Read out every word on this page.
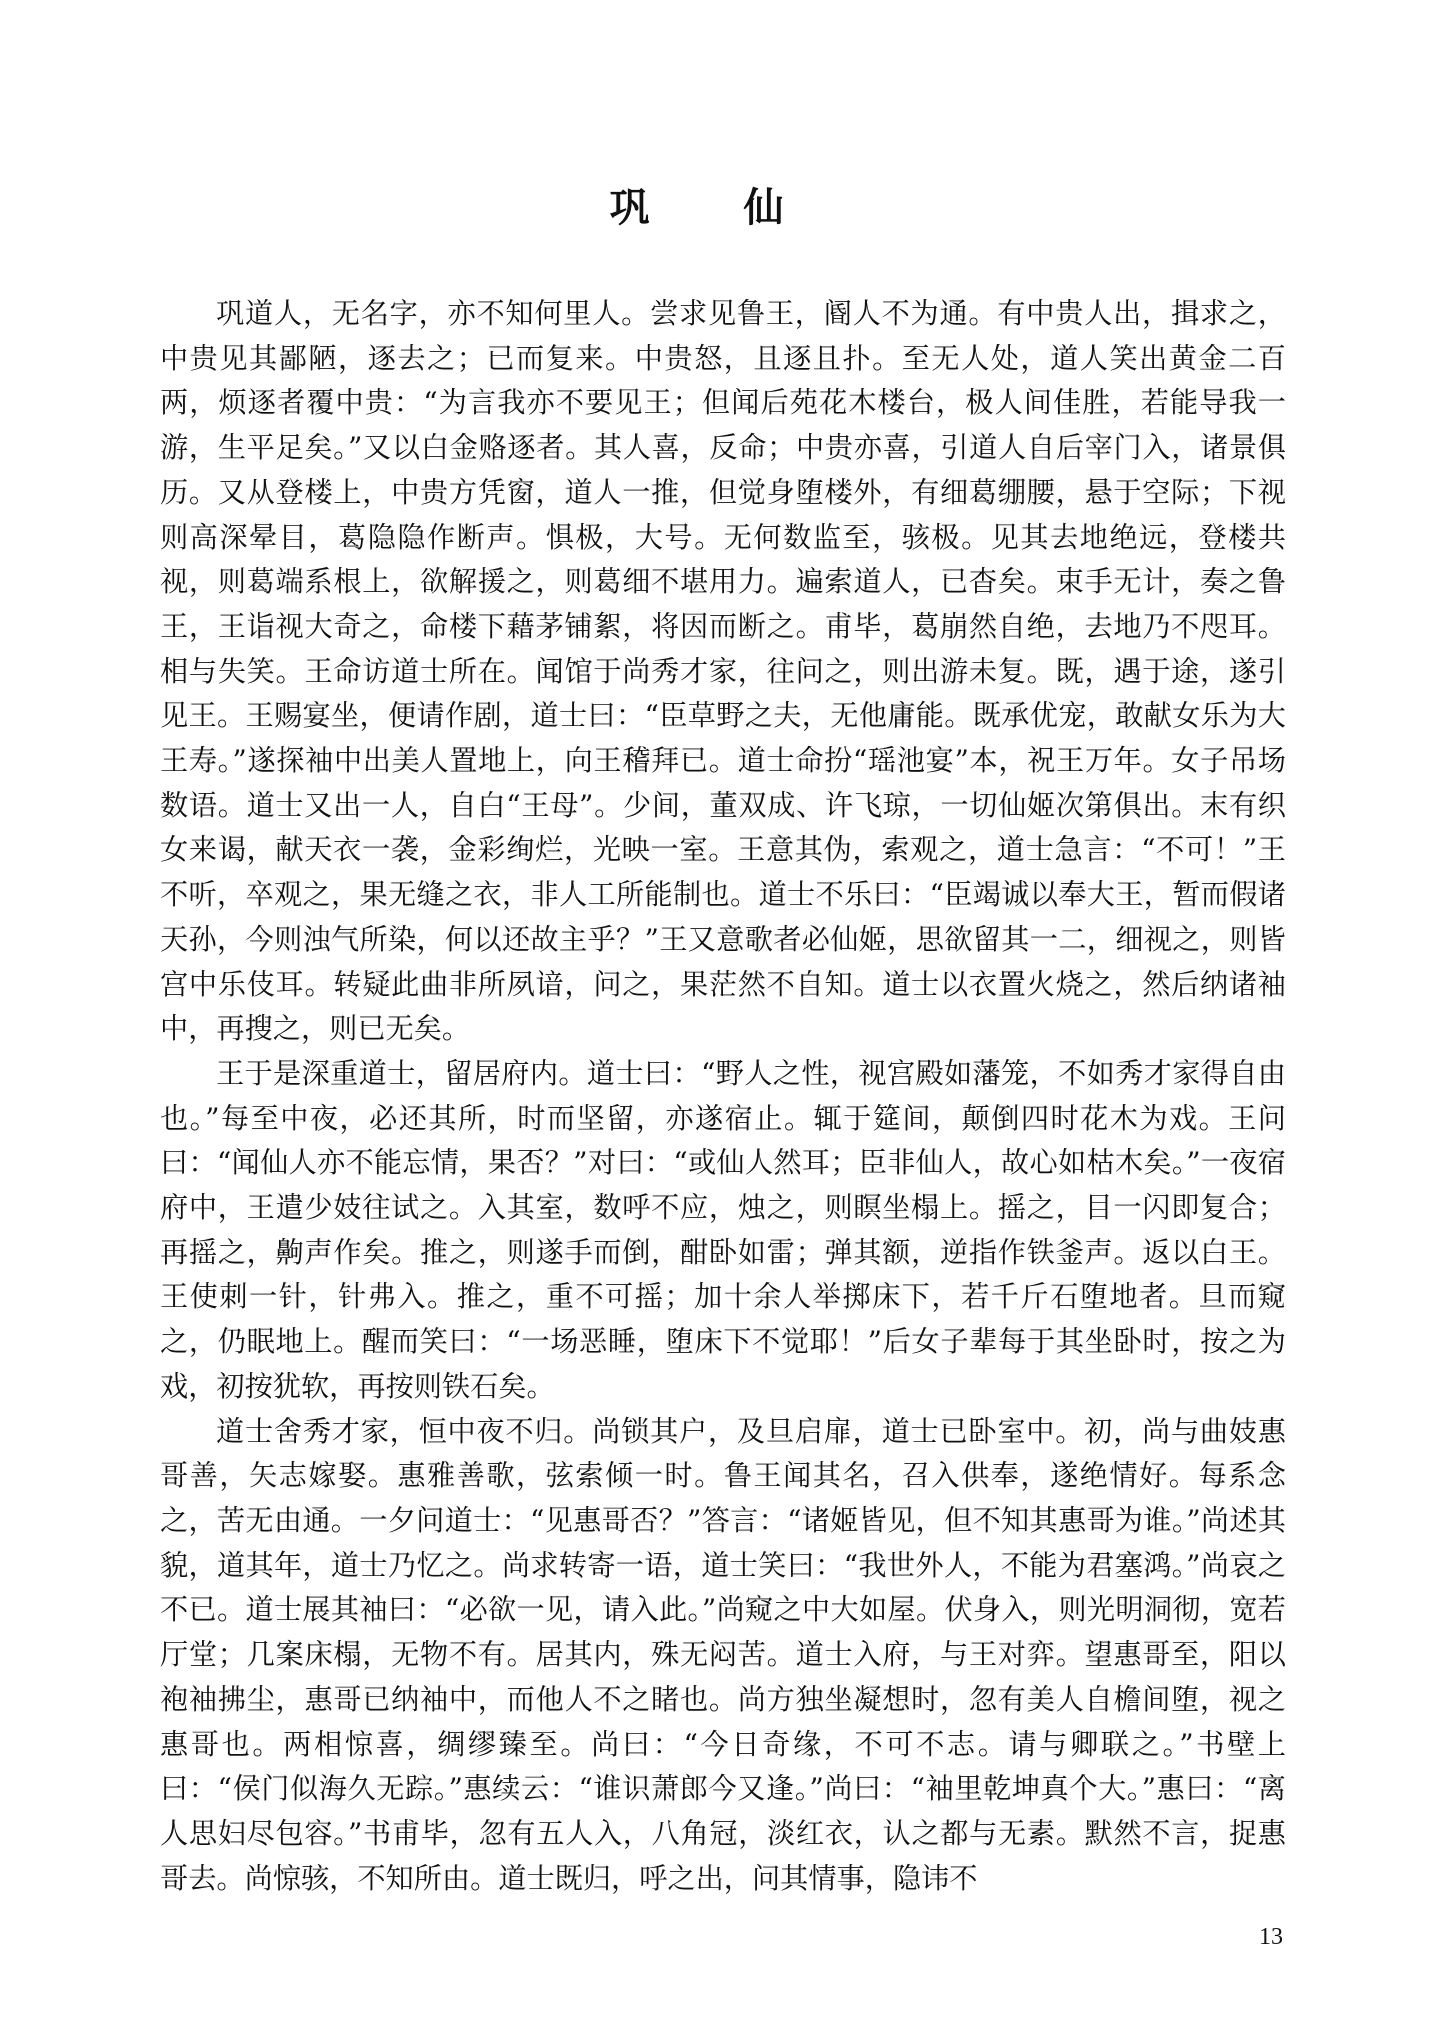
巩 仙

巩道人，无名字，亦不知何里人。尝求见鲁王，阍人不为通。有中贵人出，揖求之，中贵见其鄙陋，逐去之；已而复来。中贵怒，且逐且扑。至无人处，道人笑出黄金二百两，烦逐者覆中贵：“为言我亦不要见王；但闻后苑花木楼台，极人间佳胜，若能导我一游，生平足矣。”又以白金赂逐者。其人喜，反命；中贵亦喜，引道人自后宰门入，诸景俱历。又从登楼上，中贵方凭窗，道人一推，但觉身堕楼外，有细葛绷腰，悬于空际；下视则高深晕目，葛隐隐作断声。惧极，大号。无何数监至，骇极。见其去地绝远，登楼共视，则葛端系根上，欲解援之，则葛细不堪用力。遍索道人，已杳矣。束手无计，奏之鲁王，王诣视大奇之，命楼下藉茅铺絮，将因而断之。甫毕，葛崩然自绝，去地乃不咫耳。相与失笑。王命访道士所在。闻馆于尚秀才家，往问之，则出游未复。既，遇于途，遂引见王。王赐宴坐，便请作剧，道士曰：“臣草野之夫，无他庸能。既承优宠，敢献女乐为大王寿。”遂探袖中出美人置地上，向王稽拜已。道士命扮“瑶池宴”本，祝王万年。女子吊场数语。道士又出一人，自白“王母”。少间，董双成、许飞琼，一切仙姬次第俱出。末有织女来谒，献天衣一袭，金彩绚烂，光映一室。王意其伪，索观之，道士急言：“不可！”王不听，卒观之，果无缝之衣，非人工所能制也。道士不乐曰：“臣竭诚以奉大王，暂而假诸天孙，今则浊气所染，何以还故主乎？”王又意歌者必仙姬，思欲留其一二，细视之，则皆宫中乐伎耳。转疑此曲非所夙谙，问之，果茫然不自知。道士以衣置火烧之，然后纳诸袖中，再搜之，则已无矣。

王于是深重道士，留居府内。道士曰：“野人之性，视宫殿如藩笼，不如秀才家得自由也。”每至中夜，必还其所，时而坚留，亦遂宿止。辄于筵间，颠倒四时花木为戏。王问曰：“闻仙人亦不能忘情，果否？”对曰：“或仙人然耳；臣非仙人，故心如枯木矣。”一夜宿府中，王遣少妓往试之。入其室，数呼不应，烛之，则瞑坐榻上。摇之，目一闪即复合；再摇之，齁声作矣。推之，则遂手而倒，酣卧如雷；弹其额，逆指作铁釜声。返以白王。王使刺一针，针弗入。推之，重不可摇；加十余人举掷床下，若千斤石堕地者。旦而窥之，仍眠地上。醒而笑曰：“一场恶睡，堕床下不觉耶！”后女子辈每于其坐卧时，按之为戏，初按犹软，再按则铁石矣。

道士舍秀才家，恒中夜不归。尚锁其户，及旦启扉，道士已卧室中。初，尚与曲妓惠哥善，矢志嫁娶。惠雅善歌，弦索倾一时。鲁王闻其名，召入供奉，遂绝情好。每系念之，苦无由通。一夕问道士：“见惠哥否？”答言：“诸姬皆见，但不知其惠哥为谁。”尚述其貌，道其年，道士乃忆之。尚求转寄一语，道士笑曰：“我世外人，不能为君塞鸿。”尚哀之不已。道士展其袖曰：“必欲一见，请入此。”尚窥之中大如屋。伏身入，则光明洞彻，宽若厅堂；几案床榻，无物不有。居其内，殊无闷苦。道士入府，与王对弈。望惠哥至，阳以袍袖拂尘，惠哥已纳袖中，而他人不之睹也。尚方独坐凝想时，忽有美人自檐间堕，视之惠哥也。两相惊喜，绸缪臻至。尚曰：“今日奇缘，不可不志。请与卿联之。”书壁上曰：“侯门似海久无踪。”惠续云：“谁识萧郎今又逢。”尚曰：“袖里乾坤真个大。”惠曰：“离人思妇尽包容。”书甫毕，忽有五人入，八角冠，淡红衣，认之都与无素。默然不言，捉惠哥去。尚惊骇，不知所由。道士既归，呼之出，问其情事，隐讳不

13
